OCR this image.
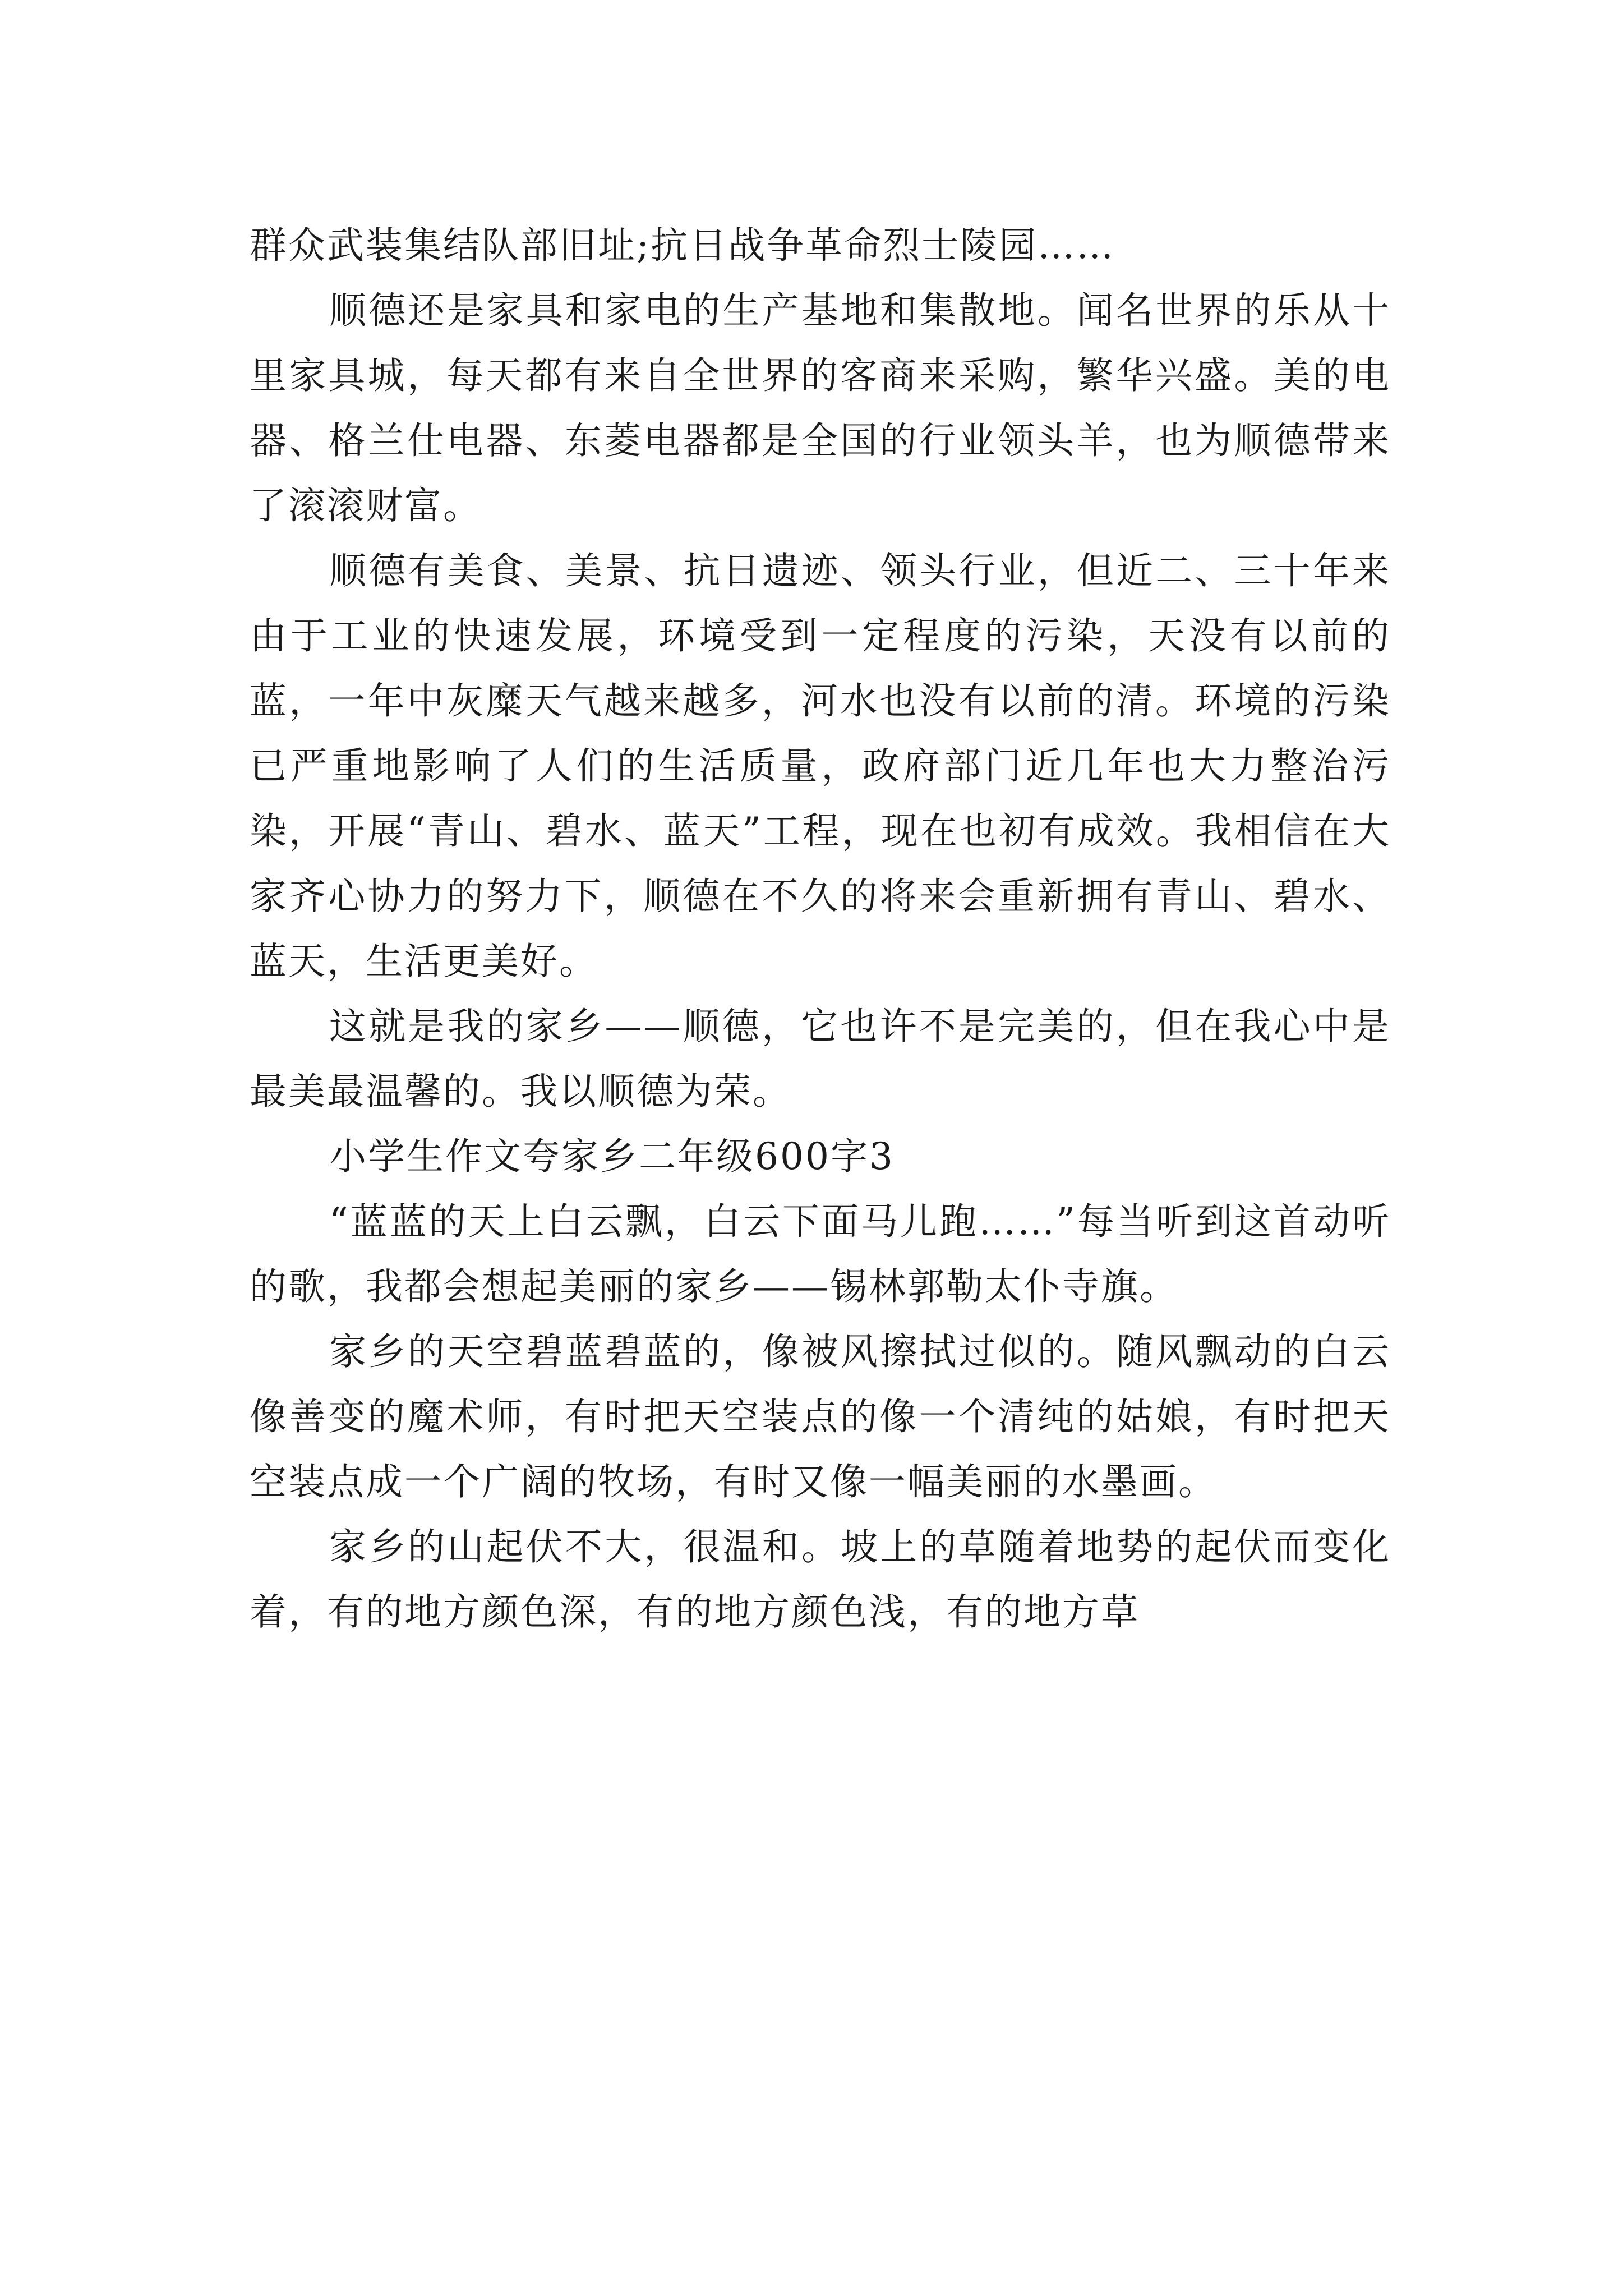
群众武装集结队部旧址;抗日战争革命烈士陵园……

顺德还是家具和家电的生产基地和集散地。闻名世界的乐从十里家具城，每天都有来自全世界的客商来采购，繁华兴盛。美的电器、格兰仕电器、东菱电器都是全国的行业领头羊，也为顺德带来了滚滚财富。

顺德有美食、美景、抗日遗迹、领头行业，但近二、三十年来由于工业的快速发展，环境受到一定程度的污染，天没有以前的蓝，一年中灰糜天气越来越多，河水也没有以前的清。环境的污染已严重地影响了人们的生活质量，政府部门近几年也大力整治污染，开展“青山、碧水、蓝天”工程，现在也初有成效。我相信在大家齐心协力的努力下，顺德在不久的将来会重新拥有青山、碧水、蓝天，生活更美好。

这就是我的家乡——顺德，它也许不是完美的，但在我心中是最美最温馨的。我以顺德为荣。

小学生作文夸家乡二年级600字3

“蓝蓝的天上白云飘，白云下面马儿跑……”每当听到这首动听的歌，我都会想起美丽的家乡——锡林郭勒太仆寺旗。

家乡的天空碧蓝碧蓝的，像被风擦拭过似的。随风飘动的白云像善变的魔术师，有时把天空装点的像一个清纯的姑娘，有时把天空装点成一个广阔的牧场，有时又像一幅美丽的水墨画。

家乡的山起伏不大，很温和。坡上的草随着地势的起伏而变化着，有的地方颜色深，有的地方颜色浅，有的地方草
